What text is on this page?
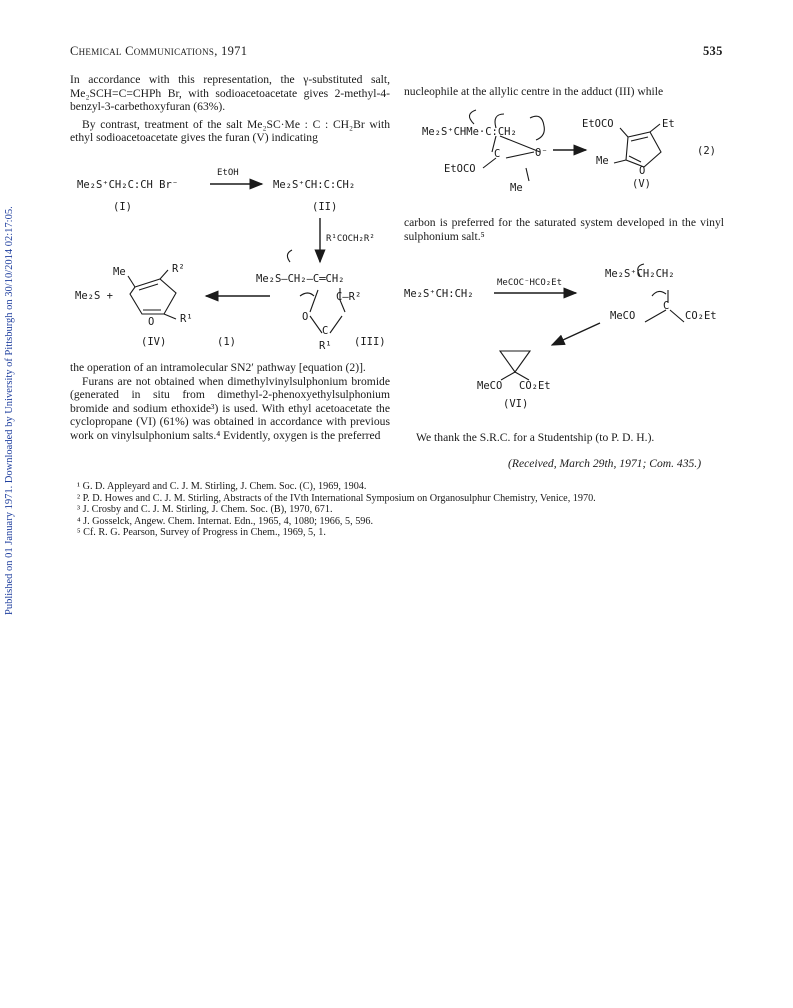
Published on 01 January 1971. Downloaded by University of Pittsburgh on 30/10/2014 02:17:05.
Chemical Communications, 1971	535

In accordance with this representation, the γ-substituted salt, Me₂SCH=C=CHPh Br, with sodioacetoacetate gives 2-methyl-4-benzyl-3-carbethoxyfuran (63%).

By contrast, treatment of the salt Me₂SC·Me : C : CH₂Br with ethyl sodioacetoacetate gives the furan (V) indicating

the operation of an intramolecular SN2′ pathway [equation (2)].

Furans are not obtained when dimethylvinylsulphonium bromide (generated in situ from dimethyl-2-phenoxyethylsulphonium bromide and sodium ethoxide³) is used. With ethyl acetoacetate the cyclopropane (VI) (61%) was obtained in accordance with previous work on vinylsulphonium salts.⁴ Evidently, oxygen is the preferred

nucleophile at the allylic centre in the adduct (III) while
carbon is preferred for the saturated system developed in the vinyl sulphonium salt.⁵
We thank the S.R.C. for a Studentship (to P. D. H.).
(Received, March 29th, 1971; Com. 435.)
Me₂S⁺CH₂C:CH Br⁻
(I)
EtOH
Me₂S⁺CH:C:CH₂
(II)
R¹COCH₂R²
Me₂S–CH₂–C═CH₂
C–R²
O
C
R¹ (III)
Me	R²
R¹
O
Me₂S +
(IV)	(1)
Me₂S⁺CHMe·C:CH₂
C	O⁻
EtOCO
Me
EtOCO	Et
Me
O
(V)
(2)
Me₂S⁺CH:CH₂
MeCOC⁻HCO₂Et
Me₂S⁺CH₂CH₂
C
MeCO	CO₂Et
MeCO CO₂Et
(VI)
¹ G. D. Appleyard and C. J. M. Stirling, J. Chem. Soc. (C), 1969, 1904.
² P. D. Howes and C. J. M. Stirling, Abstracts of the IVth International Symposium on Organosulphur Chemistry, Venice, 1970.
³ J. Crosby and C. J. M. Stirling, J. Chem. Soc. (B), 1970, 671.
⁴ J. Gosselck, Angew. Chem. Internat. Edn., 1965, 4, 1080; 1966, 5, 596.
⁵ Cf. R. G. Pearson, Survey of Progress in Chem., 1969, 5, 1.
